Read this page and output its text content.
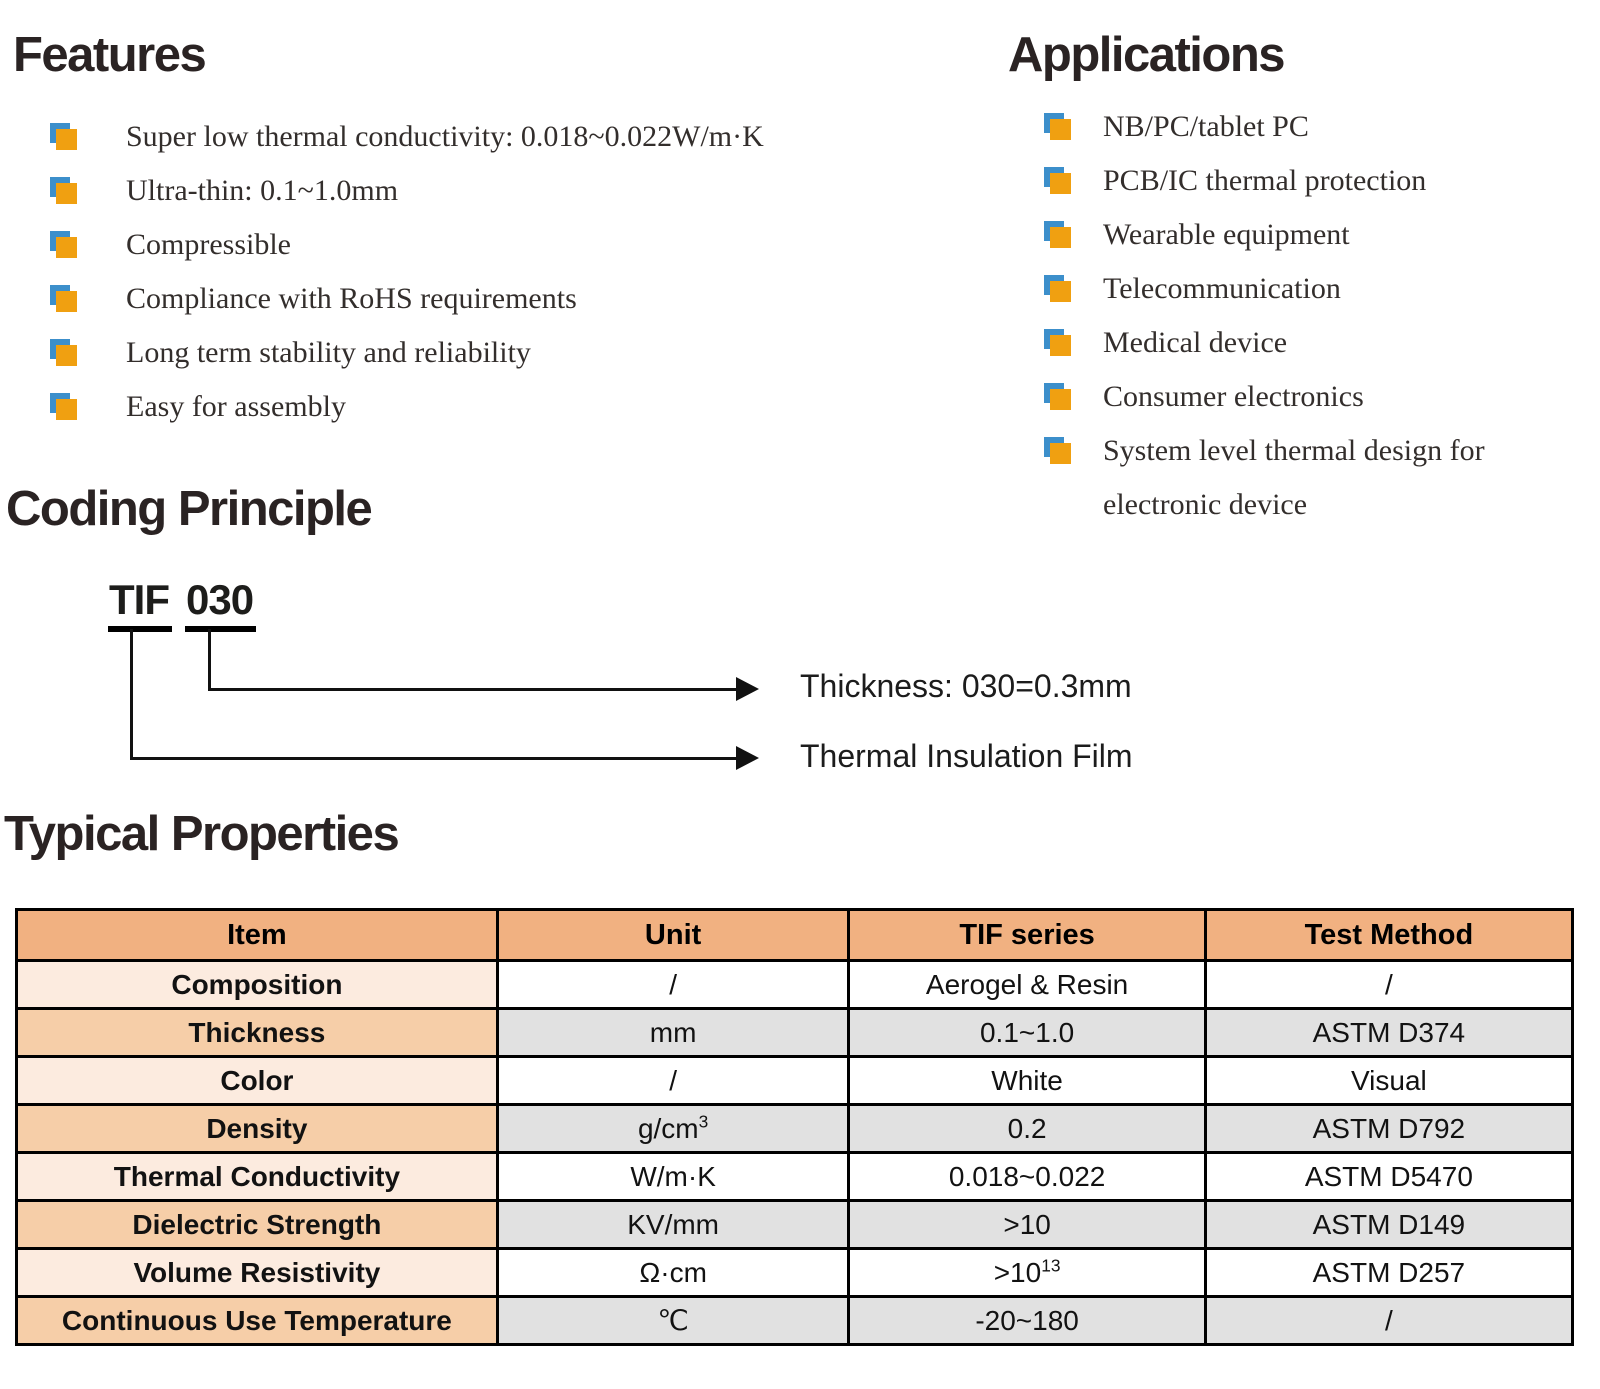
Features
Super low thermal conductivity: 0.018~0.022W/m·K
Ultra-thin: 0.1~1.0mm
Compressible
Compliance with RoHS requirements
Long term stability and reliability
Easy for assembly
Applications
NB/PC/tablet PC
PCB/IC thermal protection
Wearable equipment
Telecommunication
Medical device
Consumer electronics
System level thermal design for electronic device
Coding Principle
TIF 030
Thickness: 030=0.3mm
Thermal Insulation Film
Typical Properties
Item	Unit	TIF series	Test Method
Composition	/	Aerogel & Resin	/
Thickness	mm	0.1~1.0	ASTM D374
Color	/	White	Visual
Density	$g/cm^3$	0.2	ASTM D792
Thermal Conductivity	W/m·K	0.018~0.022	ASTM D5470
Dielectric Strength	KV/mm	>10	ASTM D149
Volume Resistivity	Ω·cm	$>10^{13}$	ASTM D257
Continuous Use Temperature	℃	-20~180	/
